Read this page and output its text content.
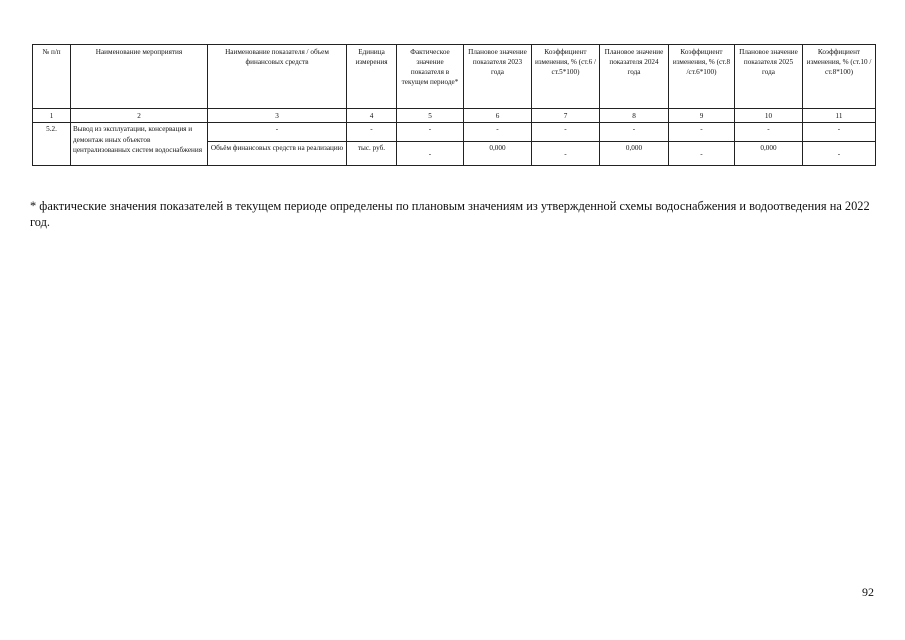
№ п/п	Наименование мероприятия	Наименование показателя / объем финансовых средств	Единица измерения	Фактическое значение показателя в текущем периоде*	Плановое значение показателя 2023 года	Коэффициент изменения, % (ст.6 /ст.5*100)	Плановое значение показателя 2024 года	Коэффициент изменения, % (ст.8 /ст.6*100)	Плановое значение показателя 2025 года	Коэффициент изменения, % (ст.10 /ст.8*100)
1	2	3	4	5	6	7	8	9	10	11
5.2.	Вывод из эксплуатации, консервация и демонтаж иных объектов централизованных систем водоснабжения	-	-	-	-	-	-	-	-	-
		Объём финансовых средств на реализацию	тыс. руб.	-	0,000	-	0,000	-	0,000	-

* фактические значения показателей в текущем периоде определены по плановым значениям из утвержденной схемы водоснабжения и водоотведения на 2022 год.

92
